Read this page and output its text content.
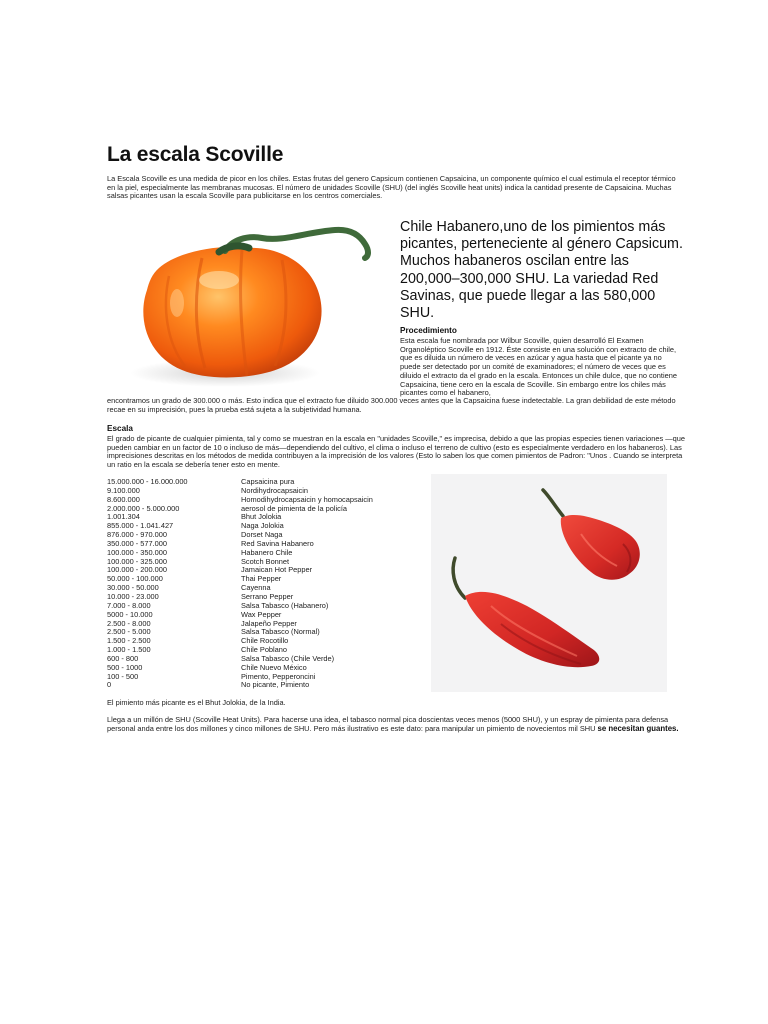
La escala Scoville
La Escala Scoville es una medida de picor en los chiles. Estas frutas del genero Capsicum contienen Capsaicina, un componente químico el cual estimula el receptor térmico en la piel, especialmente las membranas mucosas. El número de unidades Scoville (SHU) (del inglés Scoville heat units) indica la cantidad presente de Capsaicina. Muchas salsas picantes usan la escala Scoville para publicitarse en los centros comerciales.
Chile Habanero,uno de los pimientos más picantes, perteneciente al género Capsicum. Muchos habaneros oscilan entre las 200,000–300,000 SHU. La variedad Red Savinas, que puede llegar a las 580,000 SHU.
Procedimiento
Esta escala fue nombrada por Wilbur Scoville, quien desarrolló El Examen Organoléptico Scoville en 1912. Éste consiste en una solución con extracto de chile, que es diluida un número de veces en azúcar y agua hasta que el picante ya no puede ser detectado por un comité de examinadores; el número de veces que es diluido el extracto da el grado en la escala. Entonces un chile dulce, que no contiene Capsaicina, tiene cero en la escala de Scoville. Sin embargo entre los chiles más picantes como el habanero,
encontramos un grado de 300.000 o más. Esto indica que el extracto fue diluido 300.000 veces antes que la Capsaicina fuese indetectable. La gran debilidad de este método recae en su imprecisión, pues la prueba está sujeta a la subjetividad humana.
Escala
El grado de picante de cualquier pimienta, tal y como se muestran en la escala en "unidades Scoville," es imprecisa, debido a que las propias especies tienen variaciones —que pueden cambiar en un factor de 10 o incluso de más—dependiendo del cultivo, el clima o incluso el terreno de cultivo (esto es especialmente verdadero en los habaneros). Las imprecisiones descritas en los métodos de medida contribuyen a la imprecisión de los valores (Esto lo saben los que comen pimientos de Padron: "Unos . Cuando se interpreta un ratio en la escala se debería tener esto en mente.
15.000.000 - 16.000.000	Capsaicina pura
9.100.000	Nordihydrocapsaicin
8.600.000	Homodihydrocapsaicin y homocapsaicin
2.000.000 - 5.000.000	aerosol de pimienta de la policía
1.001.304	Bhut Jolokia
855.000 - 1.041.427	Naga Jolokia
876.000 - 970.000	Dorset Naga
350.000 - 577.000	Red Savina Habanero
100.000 - 350.000	Habanero Chile
100.000 - 325.000	Scotch Bonnet
100.000 - 200.000	Jamaican Hot Pepper
50.000 - 100.000	Thai Pepper
30.000 - 50.000	Cayenna
10.000 - 23.000	Serrano Pepper
7.000 - 8.000	Salsa Tabasco (Habanero)
5000 - 10.000	Wax Pepper
2.500 - 8.000	Jalapeño Pepper
2.500 - 5.000	Salsa Tabasco (Normal)
1.500 - 2.500	Chile Rocotillo
1.000 - 1.500	Chile Poblano
600 - 800	Salsa Tabasco (Chile Verde)
500 - 1000	Chile Nuevo México
100 - 500	Pimento, Pepperoncini
0	No picante, Pimiento
El pimiento más picante es el Bhut Jolokia, de la India.
Llega a un millón de SHU (Scoville Heat Units). Para hacerse una idea, el tabasco normal pica doscientas veces menos (5000 SHU), y un espray de pimienta para defensa personal anda entre los dos millones y cinco millones de SHU. Pero más ilustrativo es este dato: para manipular un pimiento de novecientos mil SHU se necesitan guantes.
